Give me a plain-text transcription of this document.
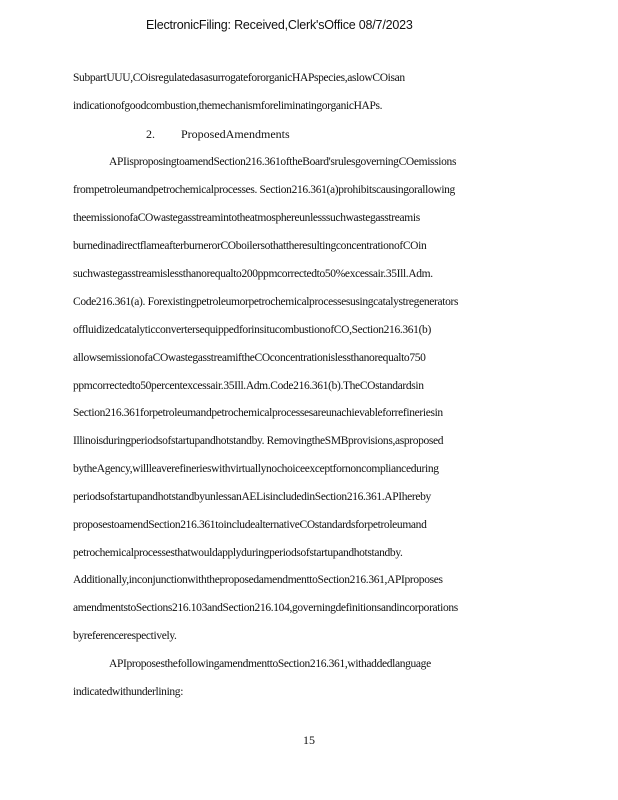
ElectronicFiling: Received,Clerk'sOffice 08/7/2023
SubpartUUU,COisregulatedasasurrogatefororganicHAPspecies,aslowCOisan
indicationofgoodcombustion,themechanismforeliminatingorganicHAPs.
2. ProposedAmendments
APIisproposingtoamendSection216.361oftheBoard'srulesgoverningCOemissions
frompetroleumandpetrochemicalprocesses. Section216.361(a)prohibitscausingorallowing
theemissionofaCOwastegasstreamintotheatmosphereunlesssuchwastegasstreamis
burnedinadirectflameafterburnerorCOboilersothattheresultingconcentrationofCOin
suchwastegasstreamislessthanorequalto200ppmcorrectedto50%excessair.35Ill.Adm.
Code216.361(a). Forexistingpetroleumorpetrochemicalprocessesusingcatalystregenerators
offluidizedcatalyticconvertersequippedforinsitucombustionofCO,Section216.361(b)
allowsemissionofaCOwastegasstreamiftheCOconcentrationislessthanorequalto750
ppmcorrectedto50percentexcessair.35Ill.Adm.Code216.361(b).TheCOstandardsin
Section216.361forpetroleumandpetrochemicalprocessesareunachievableforrefineriesin
Illinoisduringperiodsofstartupandhotstandby. RemovingtheSMBprovisions,asproposed
bytheAgency,willleaverefinerieswithvirtuallynochoiceexceptfornoncomplianceduring
periodsofstartupandhotstandbyunlessanAELisincludedinSection216.361.APIhereby
proposestoamendSection216.361toincludealternativeCOstandardsforpetroleumand
petrochemicalprocessesthatwouldapplyduringperiodsofstartupandhotstandby.
Additionally,inconjunctionwiththeproposedamendmenttoSection216.361,APIproposes
amendmentstoSections216.103andSection216.104,governingdefinitionsandincorporations
byreferencerespectively.
APIproposesthefollowingamendmenttoSection216.361,withaddedlanguage
indicatedwithunderlining:
15
